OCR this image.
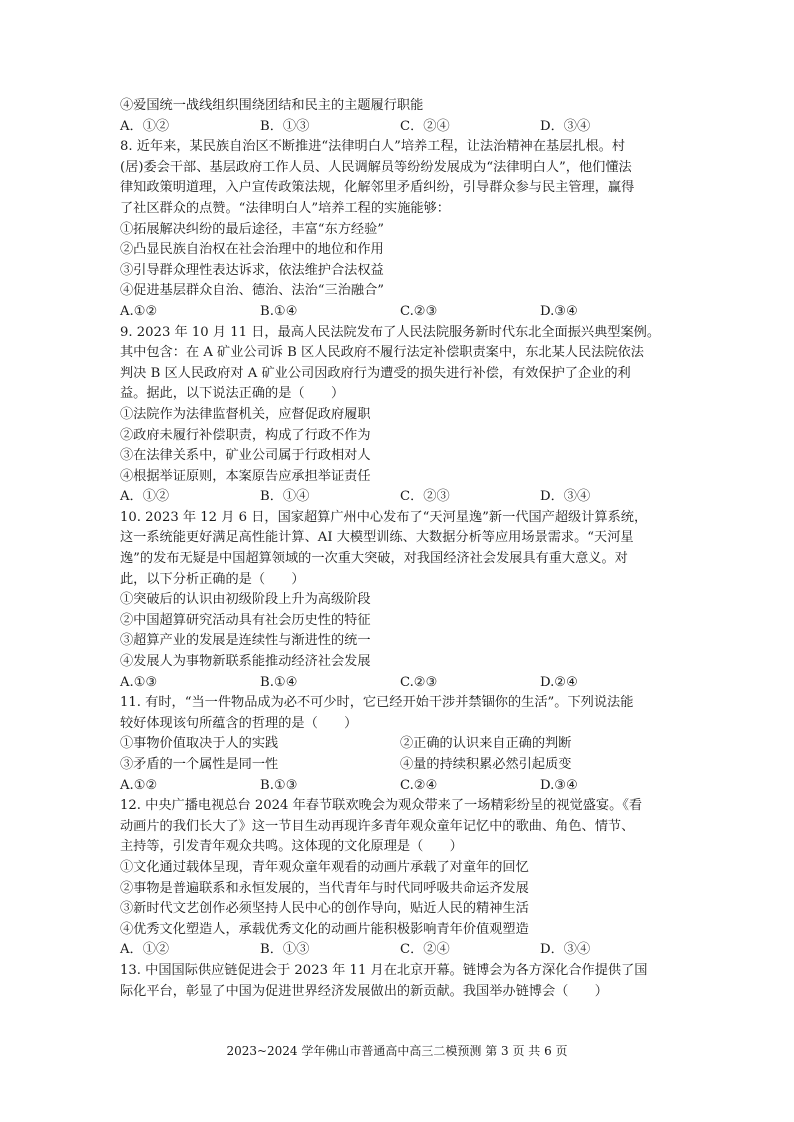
④爱国统一战线组织围绕团结和民主的主题履行职能
A．①②	B．①③	C．②④	D．③④
8. 近年来，某民族自治区不断推进“法律明白人”培养工程，让法治精神在基层扎根。村
(居)委会干部、基层政府工作人员、人民调解员等纷纷发展成为“法律明白人”，他们懂法
律知政策明道理，入户宣传政策法规，化解邻里矛盾纠纷，引导群众参与民主管理，赢得
了社区群众的点赞。“法律明白人”培养工程的实施能够：
①拓展解决纠纷的最后途径，丰富“东方经验”
②凸显民族自治权在社会治理中的地位和作用
③引导群众理性表达诉求，依法维护合法权益
④促进基层群众自治、德治、法治“三治融合”
A.①②	B.①④	C.②③	D.③④
9. 2023 年 10 月 11 日，最高人民法院发布了人民法院服务新时代东北全面振兴典型案例。
其中包含：在 A 矿业公司诉 B 区人民政府不履行法定补偿职责案中，东北某人民法院依法
判决 B 区人民政府对 A 矿业公司因政府行为遭受的损失进行补偿，有效保护了企业的利
益。据此，以下说法正确的是（　　）
①法院作为法律监督机关，应督促政府履职
②政府未履行补偿职责，构成了行政不作为
③在法律关系中，矿业公司属于行政相对人
④根据举证原则，本案原告应承担举证责任
A．①②	B．①④	C．②③	D．③④
10. 2023 年 12 月 6 日，国家超算广州中心发布了“天河星逸”新一代国产超级计算系统，
这一系统能更好满足高性能计算、AI 大模型训练、大数据分析等应用场景需求。“天河星
逸”的发布无疑是中国超算领域的一次重大突破，对我国经济社会发展具有重大意义。对
此，以下分析正确的是（　　）
①突破后的认识由初级阶段上升为高级阶段
②中国超算研究活动具有社会历史性的特征
③超算产业的发展是连续性与渐进性的统一
④发展人为事物新联系能推动经济社会发展
A.①③	B.①④	C.②③	D.②④
11. 有时，“当一件物品成为必不可少时，它已经开始干涉并禁锢你的生活”。下列说法能
较好体现该句所蕴含的哲理的是（　　）
①事物价值取决于人的实践	②正确的认识来自正确的判断
③矛盾的一个属性是同一性	④量的持续积累必然引起质变
A.①②	B.①③	C.②④	D.③④
12. 中央广播电视总台 2024 年春节联欢晚会为观众带来了一场精彩纷呈的视觉盛宴。《看
动画片的我们长大了》这一节目生动再现许多青年观众童年记忆中的歌曲、角色、情节、
主持等，引发青年观众共鸣。这体现的文化原理是（　　）
①文化通过载体呈现，青年观众童年观看的动画片承载了对童年的回忆
②事物是普遍联系和永恒发展的，当代青年与时代同呼吸共命运齐发展
③新时代文艺创作必须坚持人民中心的创作导向，贴近人民的精神生活
④优秀文化塑造人，承载优秀文化的动画片能积极影响青年价值观塑造
A．①②	B．①③	C．②④	D．③④
13. 中国国际供应链促进会于 2023 年 11 月在北京开幕。链博会为各方深化合作提供了国
际化平台，彰显了中国为促进世界经济发展做出的新贡献。我国举办链博会（　　）
2023~2024 学年佛山市普通高中高三二模预测 第 3 页 共 6 页
